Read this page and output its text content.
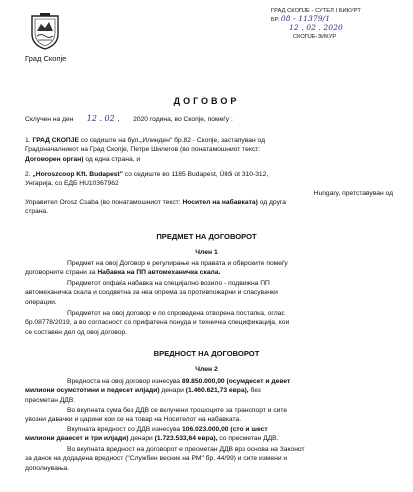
Град Скопје
ГРАД СКОПЈЕ - СУТЕЛ I БИКУРТ
БР. 08 - 11379/1
12 . 02 . 2020
СКОПЈЕ-ЗИКУР
ДОГОВОР
Склучен на ден 12 . 02 . 2020 година, во Скопје, помеѓу :
1. ГРАД СКОПЈЕ со седиште на бул.„Илинден" бр.82 - Скопје, застапуван од
Градоначалникот на Град Скопје, Петре Шилегов (во понатамошниот текст:
Договорен орган) од една страна, и
2. „Horoszcoop Kft. Budapest" со седиште во 1185 Budapest, Üllői út 310-312,
Унгарија, со ЕДБ HU10367962
Hungary, претставуван од
Управител Orosz Csaba (во понатамошниот текст: Носител на набавката) од друга
страна.
ПРЕДМЕТ НА ДОГОВОРОТ
Член 1
Предмет на овој Договор е регулирање на правата и обврските помеѓу
договорните страни за Набавка на ПП автомеханичка скала.
Предметот опфаќа набавка на специјално возило - подвижна ПП
автомеханичка скала и соодветна за неа опрема за противпожарни и спасувачки
операции.
Предметот на овој договор е по спроведена отворена постапка, оглас
бр.08778/2019, а во согласност со прифатена понуда и техничка спецификација, кои
се составен дел од овој договор.
ВРЕДНОСТ НА ДОГОВОРОТ
Член 2
Вредноста на овој договор изнесува 89.850.000,00 (осумдесет и девет
милиони осумстотини и педесет илјади) денари (1.460.621,73 евра), без
пресметан ДДВ.
Во вкупната сума без ДДВ се вклучени трошоците за транспорт и сите
увозни давачки и царини кои се на товар на Носителот на набавката.
Вкупната вредност со ДДВ изнесува 106.023.000,00 (сто и шест
милиони дваесет и три илјади) денари (1.723.533,64 евра), со пресметан ДДВ.
Во вкупната вредност на договорот е пресметан ДДВ врз основа на Законот
за данок на додадена вредност ("Службен весник на РМ" бр. 44/99) и сите измени и
дополнувања.
